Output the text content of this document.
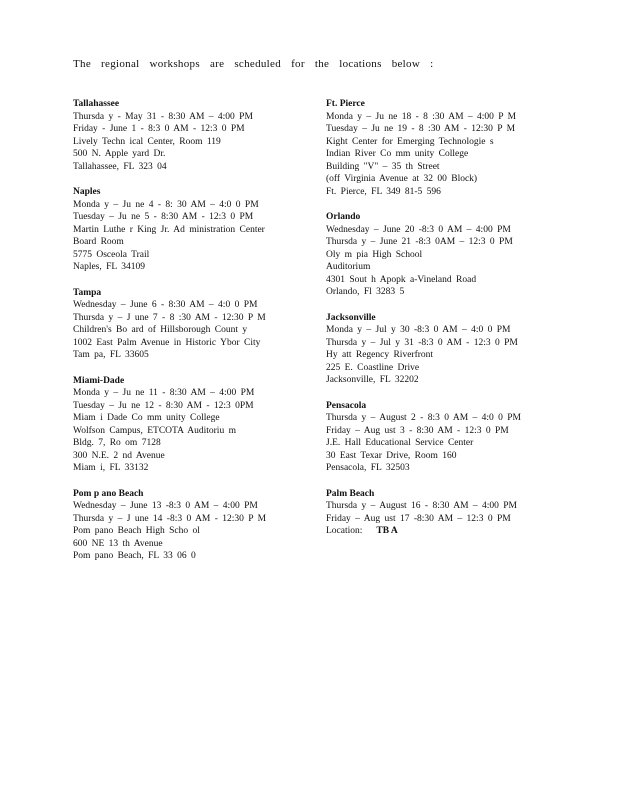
The regional workshops are scheduled for the locations below :
Tallahassee
Thursda y - May 31 - 8:30 AM – 4:00 PM
Friday - June 1 - 8:3 0 AM - 12:3 0 PM
Lively Techn ical Center, Room 119
500 N. Apple yard Dr.
Tallahassee, FL 323 04
Naples
Monda y – Ju ne 4 - 8: 30 AM – 4:0 0 PM
Tuesday – Ju ne 5 - 8:30 AM - 12:3 0 PM
Martin Luthe r King Jr. Ad ministration Center
Board Room
5775 Osceola Trail
Naples, FL 34109
Tampa
Wednesday – June 6 - 8:30 AM – 4:0 0 PM
Thursda y – J une 7 - 8 :30 AM - 12:30 P M
Children's Bo ard of Hillsborough Count y
1002 East Palm Avenue in Historic Ybor City
Tam pa, FL 33605
Miami-Dade
Monda y – Ju ne 11 - 8:30 AM – 4:00 PM
Tuesday – Ju ne 12 - 8:30 AM - 12:3 0PM
Miam i Dade Co mm unity College
Wolfson Campus, ETCOTA Auditoriu m
Bldg. 7, Ro om 7128
300 N.E. 2 nd Avenue
Miam i, FL 33132
Pom p ano Beach
Wednesday – June 13 -8:3 0 AM – 4:00 PM
Thursda y – J une 14 -8:3 0 AM - 12:30 P M
Pom pano Beach High Scho ol
600 NE 13 th Avenue
Pom pano Beach, FL 33 06 0
Ft. Pierce
Monda y – Ju ne 18 - 8 :30 AM – 4:00 P M
Tuesday – Ju ne 19 - 8 :30 AM - 12:30 P M
Kight Center for Emerging Technologie s
Indian River Co mm unity College
Building "V" – 35 th Street
(off Virginia Avenue at 32 00 Block)
Ft. Pierce, FL 349 81-5 596
Orlando
Wednesday – June 20 -8:3 0 AM – 4:00 PM
Thursda y – June 21 -8:3 0AM – 12:3 0 PM
Oly m pia High School
Auditorium
4301 Sout h Apopk a-Vineland Road
Orlando, Fl 3283 5
Jacksonville
Monda y – Jul y 30 -8:3 0 AM – 4:0 0 PM
Thursda y – Jul y 31 -8:3 0 AM - 12:3 0 PM
Hy att Regency Riverfront
225 E. Coastline Drive
Jacksonville, FL 32202
Pensacola
Thursda y – August 2 - 8:3 0 AM – 4:0 0 PM
Friday – Aug ust 3 - 8:30 AM - 12:3 0 PM
J.E. Hall Educational Service Center
30 East Texar Drive, Room 160
Pensacola, FL 32503
Palm Beach
Thursda y – August 16 - 8:30 AM – 4:00 PM
Friday – Aug ust 17 -8:30 AM – 12:3 0 PM
Location: TB A
